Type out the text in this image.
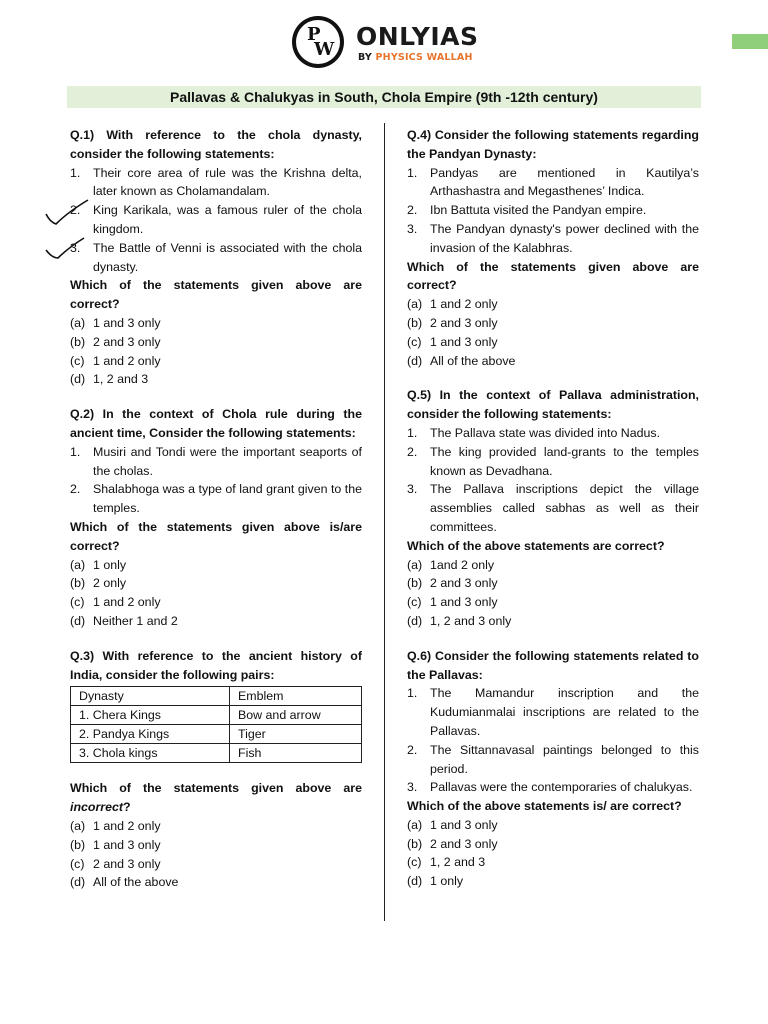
P
W ONLYIAS
BY PHYSICS WALLAH
Pallavas & Chalukyas in South, Chola Empire (9th -12th century)
Q.1) With reference to the chola dynasty, consider the following statements:
1.	Their core area of rule was the Krishna delta, later known as Cholamandalam.
2.	King Karikala, was a famous ruler of the chola kingdom.
3.	The Battle of Venni is associated with the chola dynasty.
Which of the statements given above are correct?
(a) 1 and 3 only
(b) 2 and 3 only
(c) 1 and 2 only
(d) 1, 2 and 3
Q.2) In the context of Chola rule during the ancient time, Consider the following statements:
1.	Musiri and Tondi were the important seaports of the cholas.
2.	Shalabhoga was a type of land grant given to the temples.
Which of the statements given above is/are correct?
(a) 1 only
(b) 2 only
(c) 1 and 2 only
(d) Neither 1 and 2
Q.3) With reference to the ancient history of India, consider the following pairs:
Dynasty	Emblem
1. Chera Kings	Bow and arrow
2. Pandya Kings	Tiger
3. Chola kings	Fish
Which of the statements given above are incorrect?
(a) 1 and 2 only
(b) 1 and 3 only
(c) 2 and 3 only
(d) All of the above
Q.4) Consider the following statements regarding the Pandyan Dynasty:
1.	Pandyas are mentioned in Kautilya’s Arthashastra and Megasthenes’ Indica.
2.	Ibn Battuta visited the Pandyan empire.
3.	The Pandyan dynasty's power declined with the invasion of the Kalabhras.
Which of the statements given above are correct?
(a) 1 and 2 only
(b) 2 and 3 only
(c) 1 and 3 only
(d) All of the above
Q.5) In the context of Pallava administration, consider the following statements:
1.	The Pallava state was divided into Nadus.
2.	The king provided land-grants to the temples known as Devadhana.
3.	The Pallava inscriptions depict the village assemblies called sabhas as well as their committees.
Which of the above statements are correct?
(a) 1and 2 only
(b) 2 and 3 only
(c) 1 and 3 only
(d) 1, 2 and 3 only
Q.6) Consider the following statements related to the Pallavas:
1.	The Mamandur inscription and the Kudumianmalai inscriptions are related to the Pallavas.
2.	The Sittannavasal paintings belonged to this period.
3.	Pallavas were the contemporaries of chalukyas.
Which of the above statements is/ are correct?
(a) 1 and 3 only
(b) 2 and 3 only
(c) 1, 2 and 3
(d) 1 only
